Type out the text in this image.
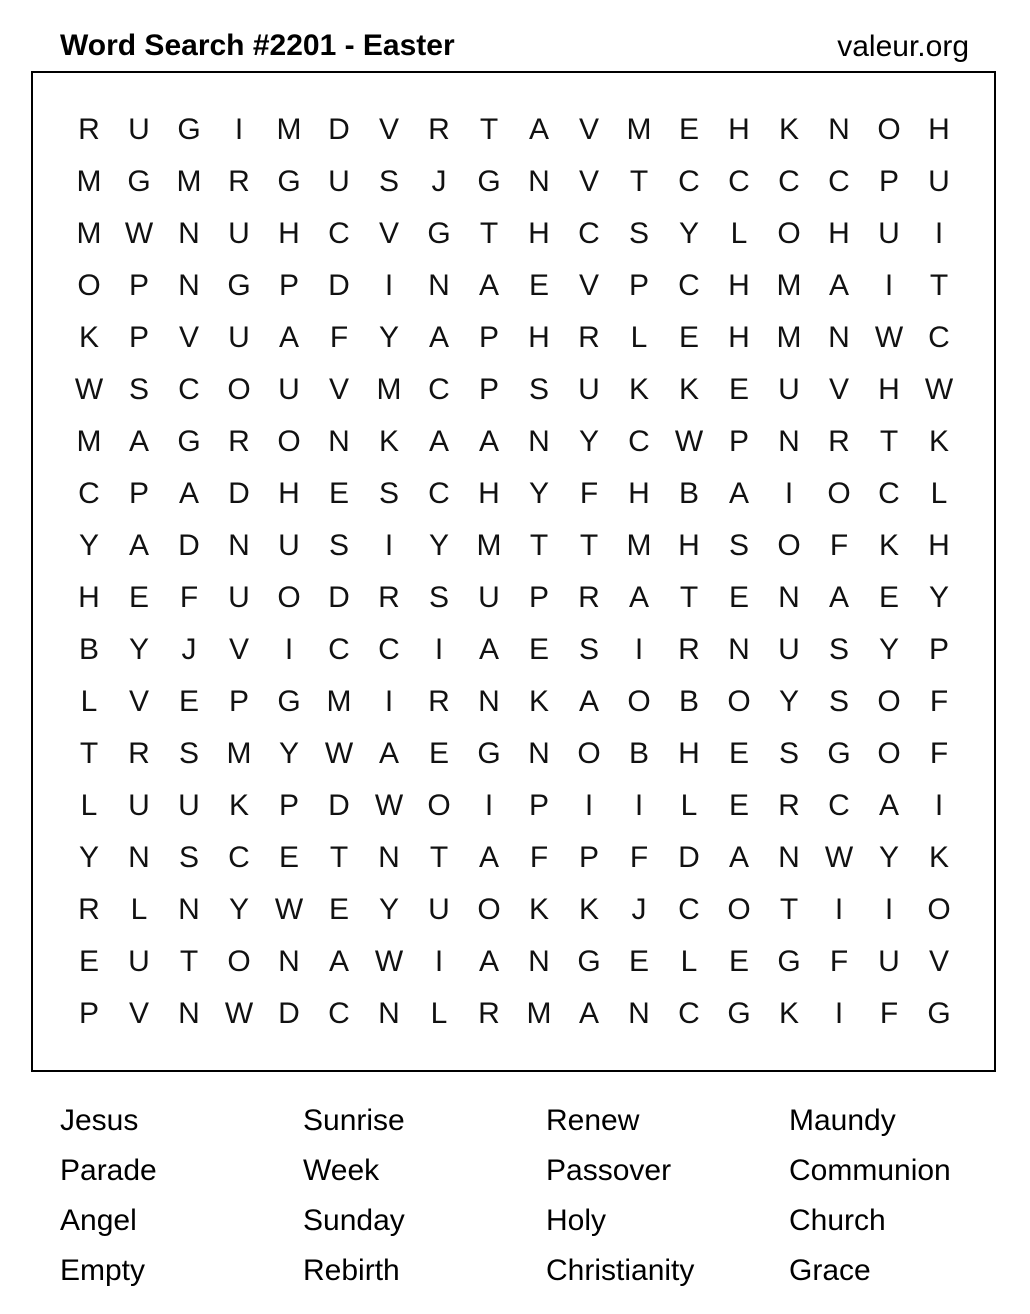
Word Search #2201 - Easter	valeur.org
R U G	I	M D V R	T	A V M E H K N O H
M G M R G U S	J	G N V	T	C C C C P U
M W N U H C V G T	H C S Y	L O H U	I
O P N G P D	I	N A E V P C H M A	I	T
K P V U A	F	Y A P H R	L	E H M N W C
W S C O U V M C P S U K K E U V H W
M A G R O N K A A N Y C W P N R	T	K
C P A D H E S C H Y	F	H B A	I	O C	L
Y A D N U S	I	Y M T	T M H S O F	K H
H E	F	U O D R S U P R A	T	E N A E Y
B Y	J	V	I	C C	I	A E S	I	R N U S Y P
L	V E P G M	I	R N K A O B O Y S O F
T	R S M Y W A E G N O B H E S G O F
L	U U K P D W O	I	P	I	I	L	E R C A	I
Y N S C E	T	N	T	A	F	P	F	D A N W Y K
R	L	N Y W E Y U O K K	J	C O T	I	I	O
E U	T O N A W	I	A N G E	L	E G F	U V
P V N W D C N	L	R M A N C G K	I	F G
Jesus	Sunrise	Renew	Maundy
Parade	Week	Passover	Communion
Angel	Sunday	Holy	Church
Empty	Rebirth	Christianity	Grace
